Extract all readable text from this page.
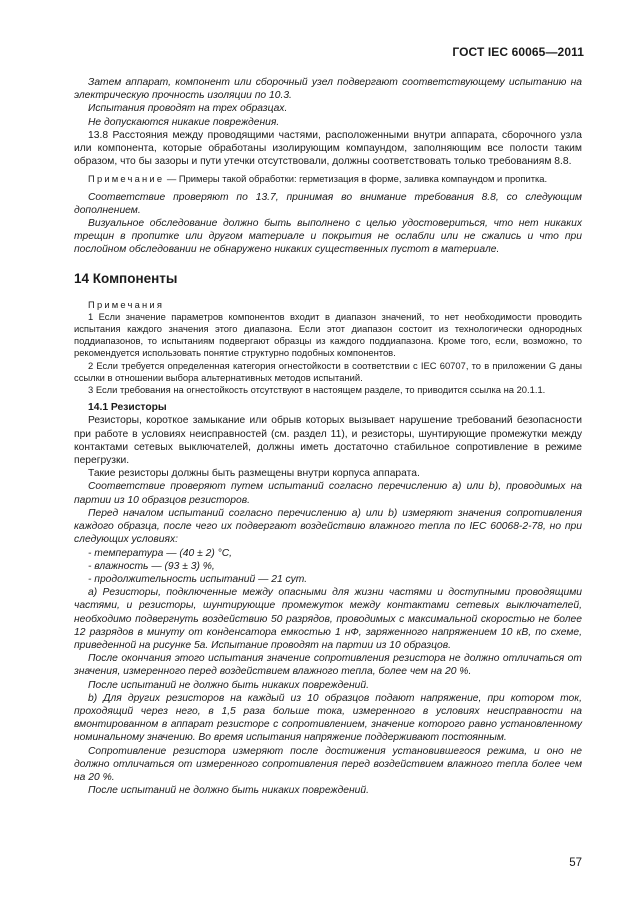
ГОСТ IEC 60065—2011

Затем аппарат, компонент или сборочный узел подвергают соответствующему испытанию на электрическую прочность изоляции по 10.3.

Испытания проводят на трех образцах.

Не допускаются никакие повреждения.

13.8 Расстояния между проводящими частями, расположенными внутри аппарата, сборочного узла или компонента, которые обработаны изолирующим компаундом, заполняющим все полости таким образом, что бы зазоры и пути утечки отсутствовали, должны соответствовать только требованиям 8.8.

Примечание — Примеры такой обработки: герметизация в форме, заливка компаундом и пропитка.

Соответствие проверяют по 13.7, принимая во внимание требования 8.8, со следующим дополнением.

Визуальное обследование должно быть выполнено с целью удостовериться, что нет никаких трещин в пропитке или другом материале и покрытия не ослабли или не сжались и что при послойном обследовании не обнаружено никаких существенных пустот в материале.

14 Компоненты

Примечания

1 Если значение параметров компонентов входит в диапазон значений, то нет необходимости проводить испытания каждого значения этого диапазона. Если этот диапазон состоит из технологически однородных поддиапазонов, то испытаниям подвергают образцы из каждого поддиапазона. Кроме того, если, возможно, то рекомендуется использовать понятие структурно подобных компонентов.

2 Если требуется определенная категория огнестойкости в соответствии с IEC 60707, то в приложении G даны ссылки в отношении выбора альтернативных методов испытаний.

3 Если требования на огнестойкость отсутствуют в настоящем разделе, то приводится ссылка на 20.1.1.

14.1 Резисторы

Резисторы, короткое замыкание или обрыв которых вызывает нарушение требований безопасности при работе в условиях неисправностей (см. раздел 11), и резисторы, шунтирующие промежутки между контактами сетевых выключателей, должны иметь достаточно стабильное сопротивление в режиме перегрузки.

Такие резисторы должны быть размещены внутри корпуса аппарата.

Соответствие проверяют путем испытаний согласно перечислению a) или b), проводимых на партии из 10 образцов резисторов.

Перед началом испытаний согласно перечислению a) или b) измеряют значения сопротивления каждого образца, после чего их подвергают воздействию влажного тепла по IEC 60068-2-78, но при следующих условиях:

- температура — (40 ± 2) °С,

- влажность — (93 ± 3) %,

- продолжительность испытаний — 21 сут.

a) Резисторы, подключенные между опасными для жизни частями и доступными проводящими частями, и резисторы, шунтирующие промежуток между контактами сетевых выключателей, необходимо подвергнуть воздействию 50 разрядов, проводимых с максимальной скоростью не более 12 разрядов в минуту от конденсатора емкостью 1 нФ, заряженного напряжением 10 кВ, по схеме, приведенной на рисунке 5а. Испытание проводят на партии из 10 образцов.

После окончания этого испытания значение сопротивления резистора не должно отличаться от значения, измеренного перед воздействием влажного тепла, более чем на 20 %.

После испытаний не должно быть никаких повреждений.

b) Для других резисторов на каждый из 10 образцов подают напряжение, при котором ток, проходящий через него, в 1,5 раза больше тока, измеренного в условиях неисправности на вмонтированном в аппарат резисторе с сопротивлением, значение которого равно установленному номинальному значению. Во время испытания напряжение поддерживают постоянным.

Сопротивление резистора измеряют после достижения установившегося режима, и оно не должно отличаться от измеренного сопротивления перед воздействием влажного тепла более чем на 20 %.

После испытаний не должно быть никаких повреждений.

57
